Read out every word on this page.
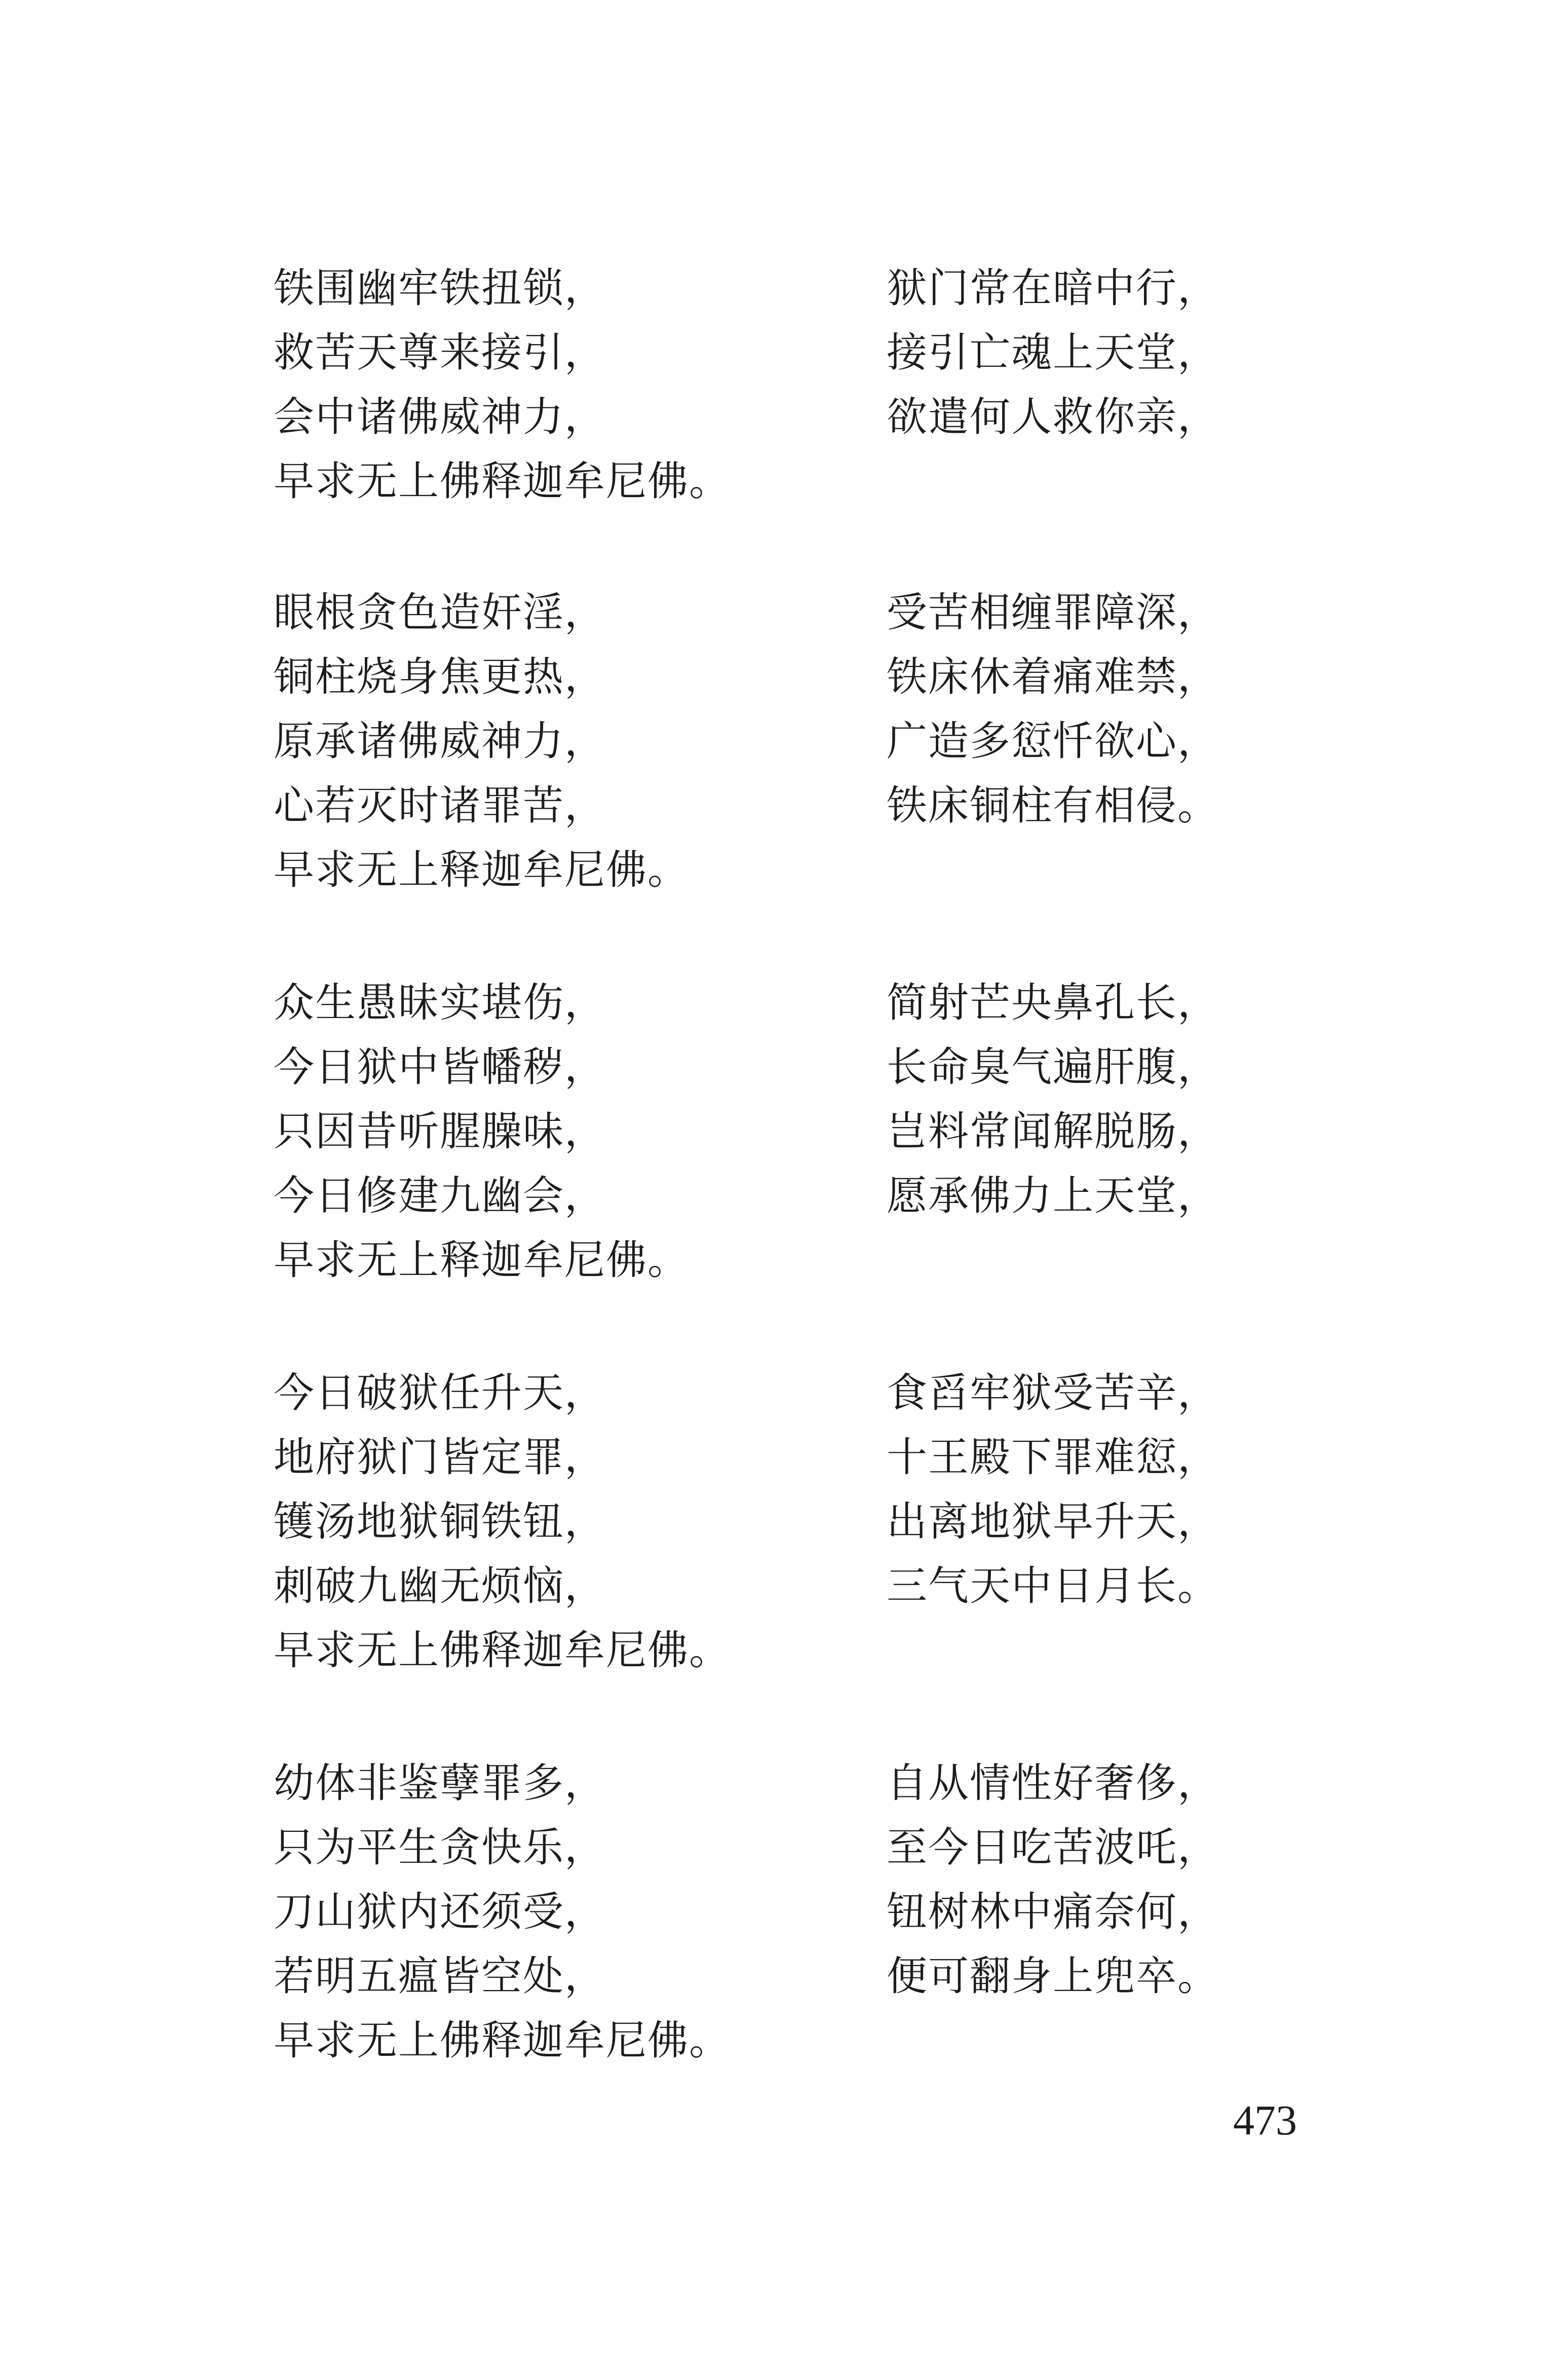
铁围幽牢铁扭锁，	狱门常在暗中行，
救苦天尊来接引，	接引亡魂上天堂，
会中诸佛威神力，	欲遣何人救你亲，
早求无上佛释迦牟尼佛。
眼根贪色造奸淫，	受苦相缠罪障深，
铜柱烧身焦更热，	铁床休着痛难禁，
原承诸佛威神力，	广造多愆忏欲心，
心若灭时诸罪苦，	铁床铜柱有相侵。
早求无上释迦牟尼佛。
众生愚昧实堪伤，	简射芒央鼻孔长，
今日狱中皆幡秽，	长命臭气遍肝腹，
只因昔听腥臊味，	岂料常闻解脱肠，
今日修建九幽会，	愿承佛力上天堂，
早求无上释迦牟尼佛。
今日破狱任升天，	食舀牢狱受苦辛，
地府狱门皆定罪，	十王殿下罪难愆，
镬汤地狱铜铁钮，	出离地狱早升天，
刺破九幽无烦恼，	三气天中日月长。
早求无上佛释迦牟尼佛。
幼体非鉴孽罪多，	自从情性好奢侈，
只为平生贪快乐，	至今日吃苦波吒，
刀山狱内还须受，	钮树林中痛奈何，
若明五瘟皆空处，	便可翻身上兜卒。
早求无上佛释迦牟尼佛。
473
